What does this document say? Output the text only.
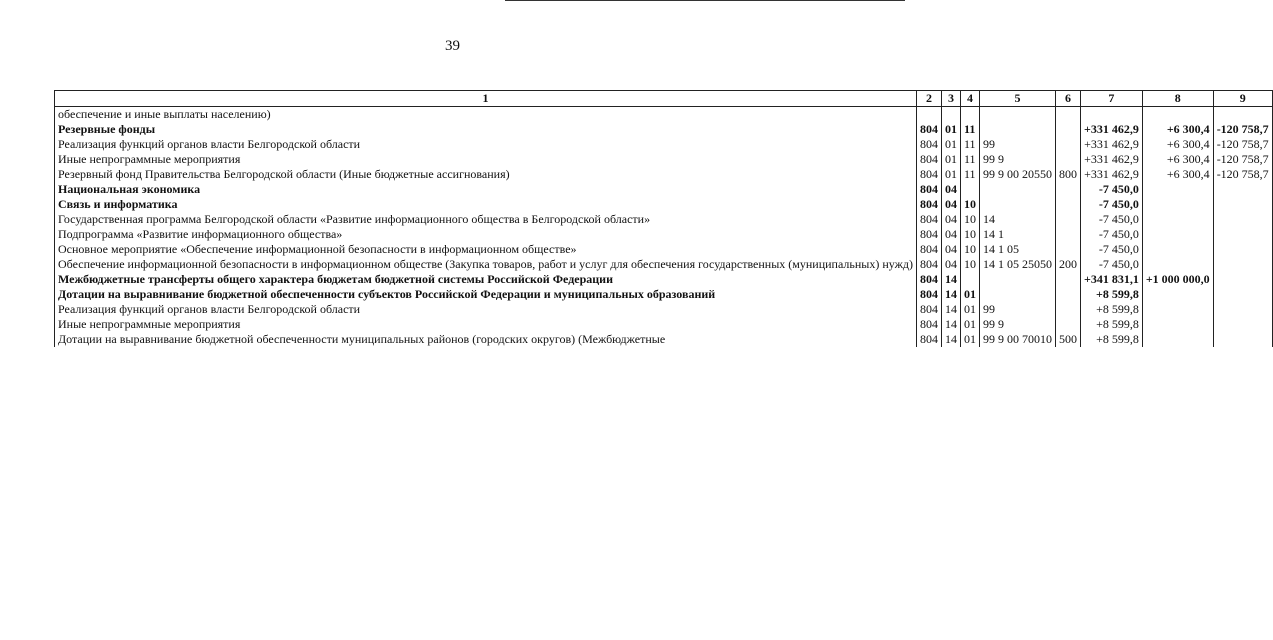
39
1	2	3	4	5	6	7	8	9
обеспечение и иные выплаты населению)								
Резервные фонды	804	01	11			+331 462,9	+6 300,4	-120 758,7
Реализация функций органов власти Белгородской области	804	01	11	99		+331 462,9	+6 300,4	-120 758,7
Иные непрограммные мероприятия	804	01	11	99 9		+331 462,9	+6 300,4	-120 758,7
Резервный фонд Правительства Белгородской области (Иные бюджетные ассигнования)	804	01	11	99 9 00 20550	800	+331 462,9	+6 300,4	-120 758,7
Национальная экономика	804	04				-7 450,0		
Связь и информатика	804	04	10			-7 450,0		
Государственная программа Белгородской области «Развитие информационного общества в Белгородской области»	804	04	10	14		-7 450,0		
Подпрограмма «Развитие информационного общества»	804	04	10	14 1		-7 450,0		
Основное мероприятие «Обеспечение информационной безопасности в информационном обществе»	804	04	10	14 1 05		-7 450,0		
Обеспечение информационной безопасности в информационном обществе (Закупка товаров, работ и услуг для обеспечения государственных (муниципальных) нужд)	804	04	10	14 1 05 25050	200	-7 450,0		
Межбюджетные трансферты общего характера бюджетам бюджетной системы Российской Федерации	804	14				+341 831,1	+1 000 000,0	
Дотации на выравнивание бюджетной обеспеченности субъектов Российской Федерации и муниципальных образований	804	14	01			+8 599,8		
Реализация функций органов власти Белгородской области	804	14	01	99		+8 599,8		
Иные непрограммные мероприятия	804	14	01	99 9		+8 599,8		
Дотации на выравнивание бюджетной обеспеченности муниципальных районов (городских округов) (Межбюджетные	804	14	01	99 9 00 70010	500	+8 599,8		
